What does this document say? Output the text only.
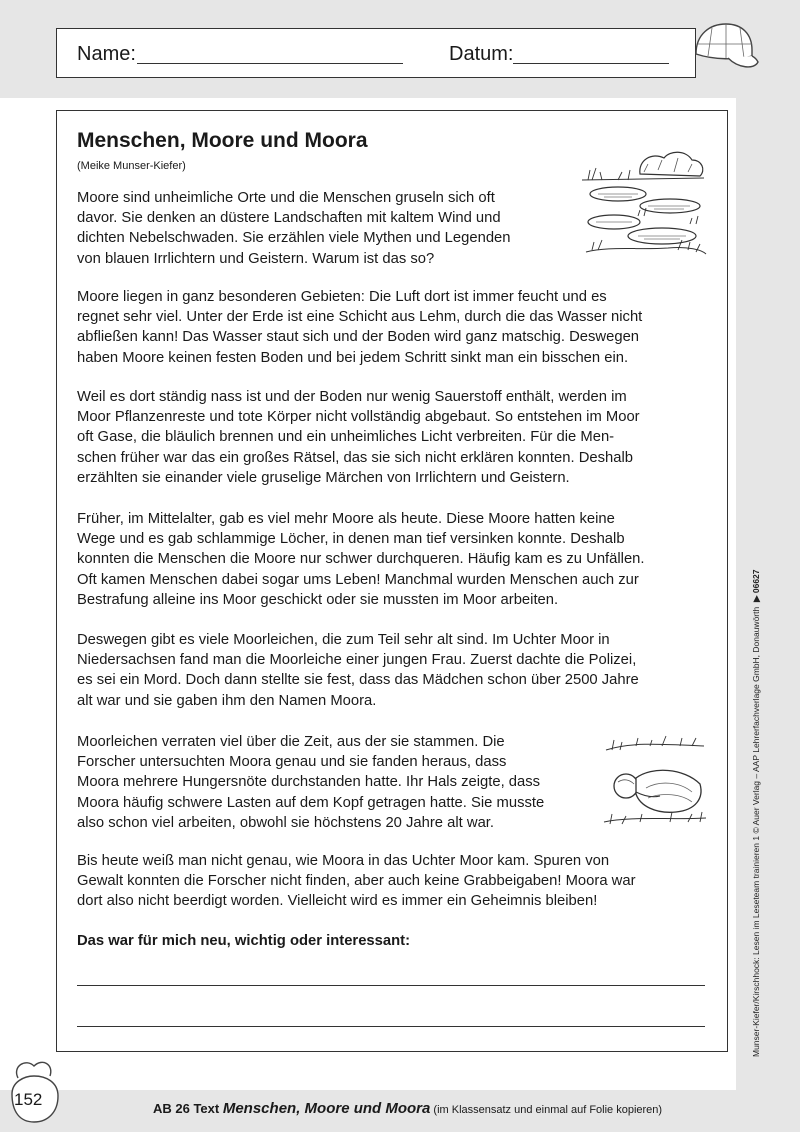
Name:	Datum:
Munser-Kiefer/Kirschhock: Lesen im Leseteam trainieren 1 © Auer Verlag – AAP Lehrerfachverlage GmbH, Donauwörth  ▶ 06627
Menschen, Moore und Moora
(Meike Munser-Kiefer)
Moore sind unheimliche Orte und die Menschen gruseln sich oft
davor. Sie denken an düstere Landschaften mit kaltem Wind und
dichten Nebelschwaden. Sie erzählen viele Mythen und Legenden
von blauen Irrlichtern und Geistern. Warum ist das so?
Moore liegen in ganz besonderen Gebieten: Die Luft dort ist immer feucht und es
regnet sehr viel. Unter der Erde ist eine Schicht aus Lehm, durch die das Wasser nicht
abfließen kann! Das Wasser staut sich und der Boden wird ganz matschig. Deswegen
haben Moore keinen festen Boden und bei jedem Schritt sinkt man ein bisschen ein.
Weil es dort ständig nass ist und der Boden nur wenig Sauerstoff enthält, werden im
Moor Pflanzenreste und tote Körper nicht vollständig abgebaut. So entstehen im Moor
oft Gase, die bläulich brennen und ein unheimliches Licht verbreiten. Für die Men-
schen früher war das ein großes Rätsel, das sie sich nicht erklären konnten. Deshalb
erzählten sie einander viele gruselige Märchen von Irrlichtern und Geistern.
Früher, im Mittelalter, gab es viel mehr Moore als heute. Diese Moore hatten keine
Wege und es gab schlammige Löcher, in denen man tief versinken konnte. Deshalb
konnten die Menschen die Moore nur schwer durchqueren. Häufig kam es zu Unfällen.
Oft kamen Menschen dabei sogar ums Leben! Manchmal wurden Menschen auch zur
Bestrafung alleine ins Moor geschickt oder sie mussten im Moor arbeiten.
Deswegen gibt es viele Moorleichen, die zum Teil sehr alt sind. Im Uchter Moor in
Niedersachsen fand man die Moorleiche einer jungen Frau. Zuerst dachte die Polizei,
es sei ein Mord. Doch dann stellte sie fest, dass das Mädchen schon über 2500 Jahre
alt war und sie gaben ihm den Namen Moora.
Moorleichen verraten viel über die Zeit, aus der sie stammen. Die
Forscher untersuchten Moora genau und sie fanden heraus, dass
Moora mehrere Hungersnöte durchstanden hatte. Ihr Hals zeigte, dass
Moora häufig schwere Lasten auf dem Kopf getragen hatte. Sie musste
also schon viel arbeiten, obwohl sie höchstens 20 Jahre alt war.
Bis heute weiß man nicht genau, wie Moora in das Uchter Moor kam. Spuren von
Gewalt konnten die Forscher nicht finden, aber auch keine Grabbeigaben! Moora war
dort also nicht beerdigt worden. Vielleicht wird es immer ein Geheimnis bleiben!
Das war für mich neu, wichtig oder interessant:
152	AB 26 Text Menschen, Moore und Moora (im Klassensatz und einmal auf Folie kopieren)
